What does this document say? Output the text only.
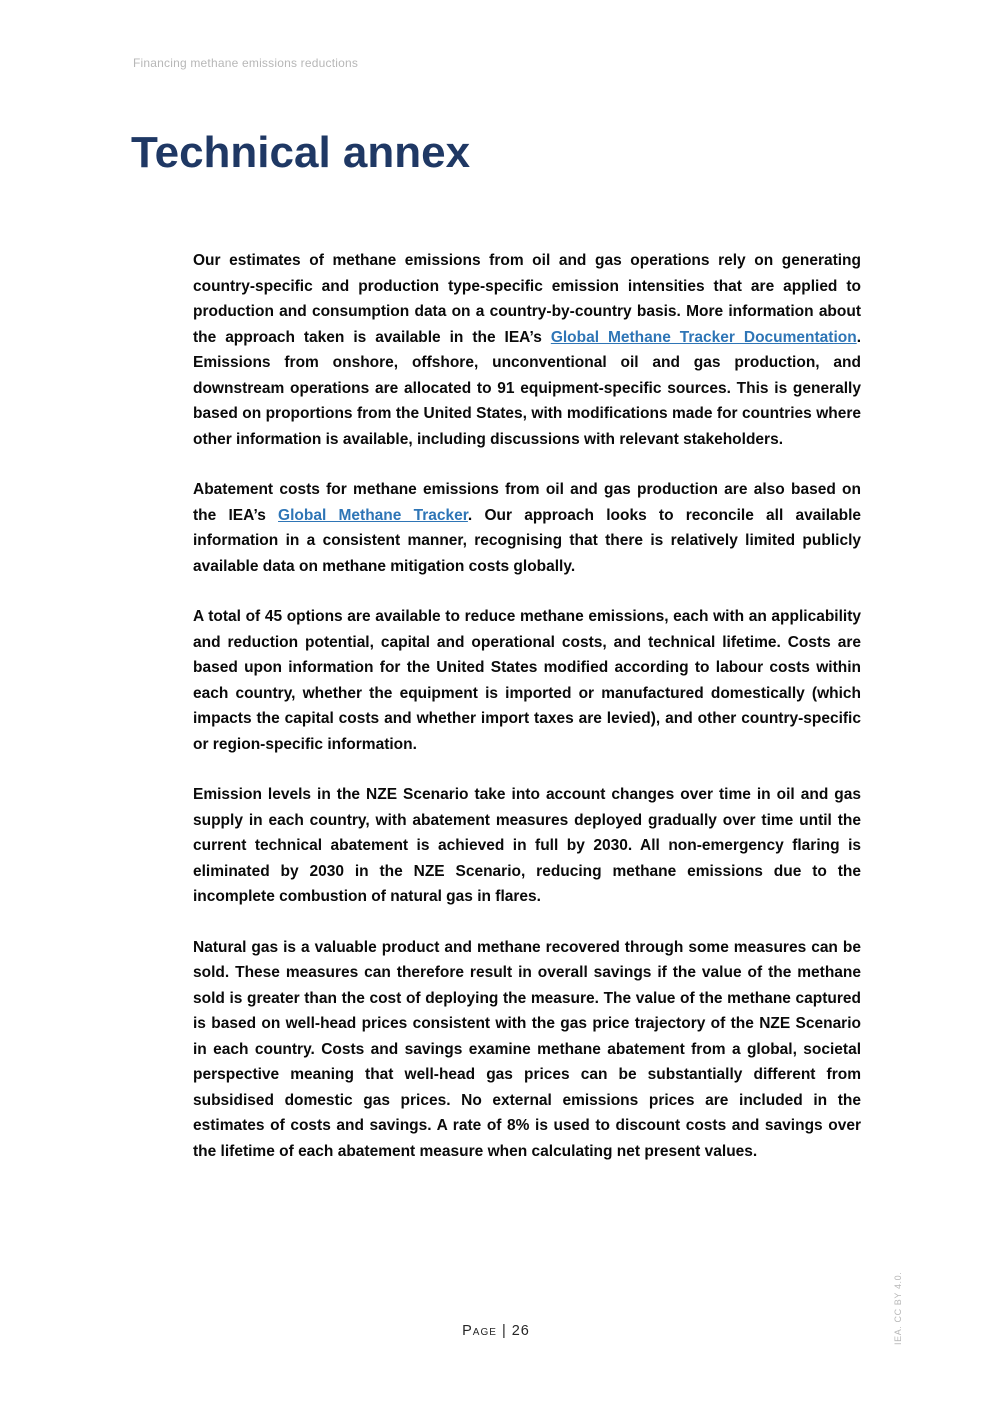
Financing methane emissions reductions
Technical annex

Our estimates of methane emissions from oil and gas operations rely on generating country-specific and production type-specific emission intensities that are applied to production and consumption data on a country-by-country basis. More information about the approach taken is available in the IEA’s Global Methane Tracker Documentation. Emissions from onshore, offshore, unconventional oil and gas production, and downstream operations are allocated to 91 equipment-specific sources. This is generally based on proportions from the United States, with modifications made for countries where other information is available, including discussions with relevant stakeholders.

Abatement costs for methane emissions from oil and gas production are also based on the IEA’s Global Methane Tracker. Our approach looks to reconcile all available information in a consistent manner, recognising that there is relatively limited publicly available data on methane mitigation costs globally.

A total of 45 options are available to reduce methane emissions, each with an applicability and reduction potential, capital and operational costs, and technical lifetime. Costs are based upon information for the United States modified according to labour costs within each country, whether the equipment is imported or manufactured domestically (which impacts the capital costs and whether import taxes are levied), and other country-specific or region-specific information.

Emission levels in the NZE Scenario take into account changes over time in oil and gas supply in each country, with abatement measures deployed gradually over time until the current technical abatement is achieved in full by 2030. All non-emergency flaring is eliminated by 2030 in the NZE Scenario, reducing methane emissions due to the incomplete combustion of natural gas in flares.

Natural gas is a valuable product and methane recovered through some measures can be sold. These measures can therefore result in overall savings if the value of the methane sold is greater than the cost of deploying the measure. The value of the methane captured is based on well-head prices consistent with the gas price trajectory of the NZE Scenario in each country. Costs and savings examine methane abatement from a global, societal perspective meaning that well-head gas prices can be substantially different from subsidised domestic gas prices. No external emissions prices are included in the estimates of costs and savings. A rate of 8% is used to discount costs and savings over the lifetime of each abatement measure when calculating net present values.

Page | 26	IEA. CC BY 4.0.
